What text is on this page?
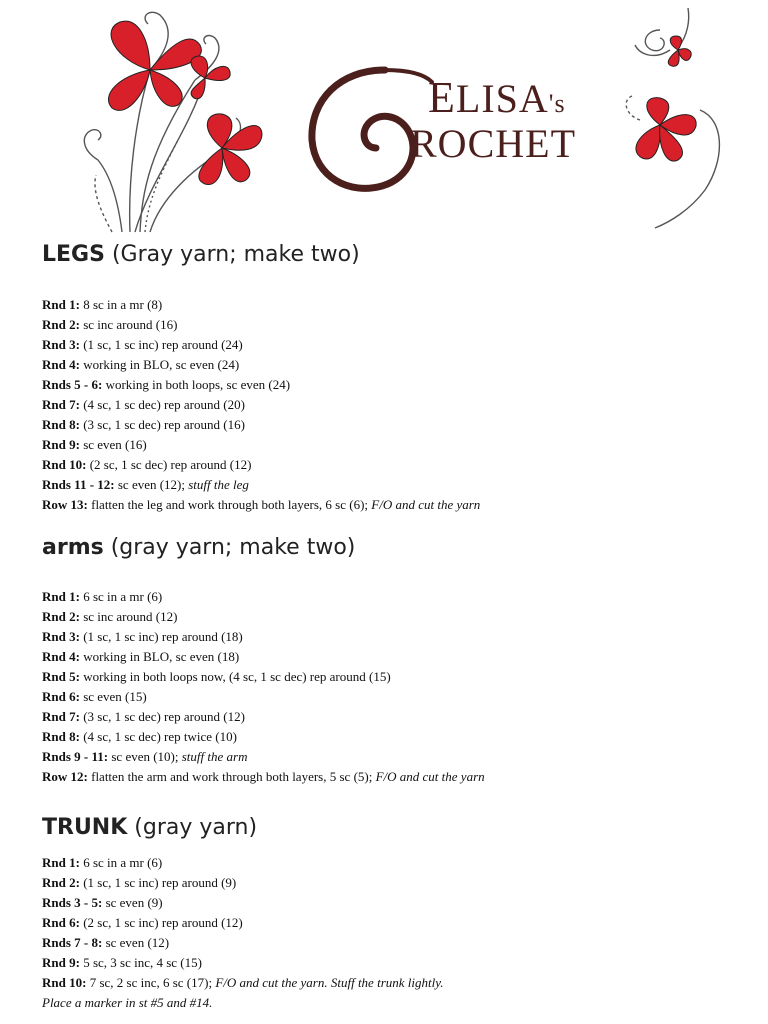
ELISA's
ROCHET
LEGS (Gray yarn; make two)
Rnd 1: 8 sc in a mr (8)
Rnd 2: sc inc around (16)
Rnd 3: (1 sc, 1 sc inc) rep around (24)
Rnd 4: working in BLO, sc even (24)
Rnds 5 - 6: working in both loops, sc even (24)
Rnd 7: (4 sc, 1 sc dec) rep around (20)
Rnd 8: (3 sc, 1 sc dec) rep around (16)
Rnd 9: sc even (16)
Rnd 10: (2 sc, 1 sc dec) rep around (12)
Rnds 11 - 12: sc even (12); stuff the leg
Row 13: flatten the leg and work through both layers, 6 sc (6); F/O and cut the yarn
arms (gray yarn; make two)
Rnd 1: 6 sc in a mr (6)
Rnd 2: sc inc around (12)
Rnd 3: (1 sc, 1 sc inc) rep around (18)
Rnd 4: working in BLO, sc even (18)
Rnd 5: working in both loops now, (4 sc, 1 sc dec) rep around (15)
Rnd 6: sc even (15)
Rnd 7: (3 sc, 1 sc dec) rep around (12)
Rnd 8: (4 sc, 1 sc dec) rep twice (10)
Rnds 9 - 11: sc even (10); stuff the arm
Row 12: flatten the arm and work through both layers, 5 sc (5); F/O and cut the yarn
TRUNK (gray yarn)
Rnd 1: 6 sc in a mr (6)
Rnd 2: (1 sc, 1 sc inc) rep around (9)
Rnds 3 - 5: sc even (9)
Rnd 6: (2 sc, 1 sc inc) rep around (12)
Rnds 7 - 8: sc even (12)
Rnd 9: 5 sc, 3 sc inc, 4 sc (15)
Rnd 10: 7 sc, 2 sc inc, 6 sc (17); F/O and cut the yarn. Stuff the trunk lightly.
Place a marker in st #5 and #14.
